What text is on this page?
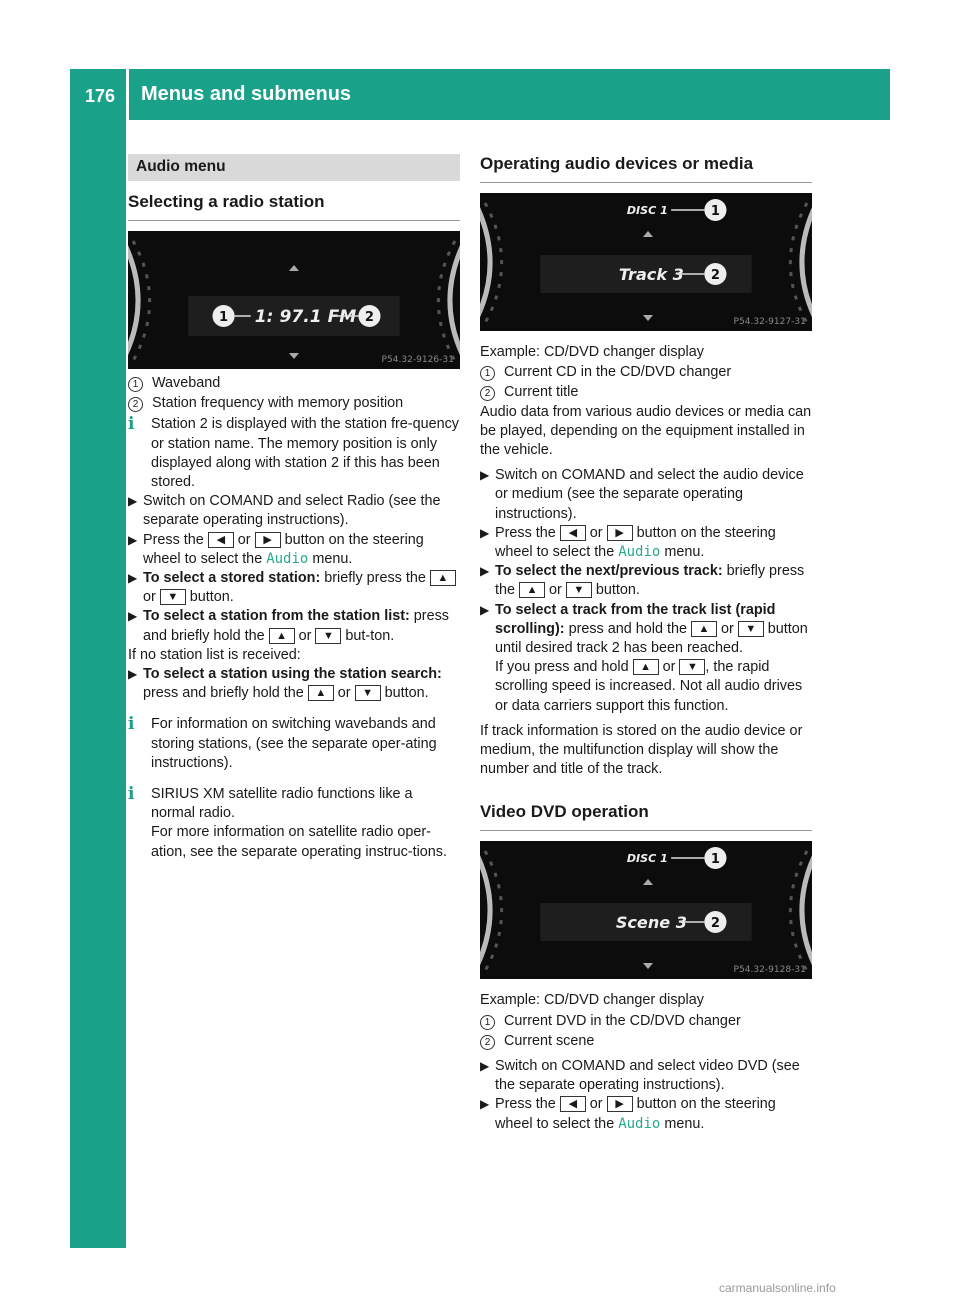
176 Menus and submenus
On-board computer and displays
Audio menu
Selecting a radio station
1 1: 97.1 FM 2
P54.32-9126-31
1 Waveband
2 Station frequency with memory position
i	Station 2 is displayed with the station fre-quency or station name. The memory position is only displayed along with station 2 if this has been stored.
▶ Switch on COMAND and select Radio (see the separate operating instructions).
▶ Press the ◀ or ▶ button on the steering wheel to select the Audio menu.
▶ To select a stored station: briefly press the ▲ or ▼ button.
▶ To select a station from the station list: press and briefly hold the ▲ or ▼ but-ton.

If no station list is received:

▶ To select a station using the station search: press and briefly hold the ▲ or ▼ button.
i	For information on switching wavebands and storing stations, (see the separate oper-ating instructions).
i	SIRIUS XM satellite radio functions like a normal radio.
For more information on satellite radio oper-ation, see the separate operating instruc-tions.
Operating audio devices or media
DISC 1	1
Track 3 2
P54.32-9127-31
Example: CD/DVD changer display
1 Current CD in the CD/DVD changer
2 Current title

Audio data from various audio devices or media can be played, depending on the equipment installed in the vehicle.

▶ Switch on COMAND and select the audio device or medium (see the separate operating instructions).
▶ Press the ◀ or ▶ button on the steering wheel to select the Audio menu.
▶ To select the next/previous track: briefly press the ▲ or ▼ button.
▶ To select a track from the track list (rapid scrolling): press and hold the ▲ or ▼ button until desired track 2 has been reached.
If you press and hold ▲ or ▼ , the rapid scrolling speed is increased. Not all audio drives or data carriers support this function.

If track information is stored on the audio device or medium, the multifunction display will show the number and title of the track.

Video DVD operation
DISC 1	1
Scene 3 2
P54.32-9128-31
Example: CD/DVD changer display
1 Current DVD in the CD/DVD changer
2 Current scene
▶ Switch on COMAND and select video DVD (see the separate operating instructions).
▶ Press the ◀ or ▶ button on the steering wheel to select the Audio menu.
carmanualsonline.info
